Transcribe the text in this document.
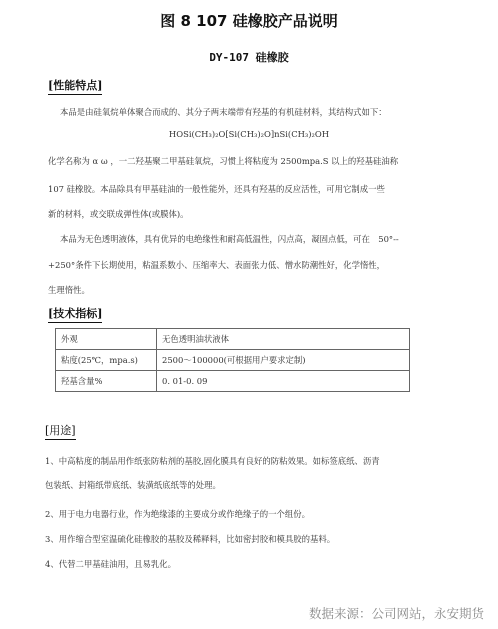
图 8 107 硅橡胶产品说明
DY-107 硅橡胶
[性能特点]
本品是由硅氧烷单体聚合而成的、其分子两末端带有羟基的有机硅材料，其结构式如下：
HOSi(CH₃)₂O[Si(CH₃)₂O]nSi(CH₃)₂OH
化学名称为 α ω ，一二羟基聚二甲基硅氧烷，习惯上将粘度为 2500mpa.S 以上的羟基硅油称
107 硅橡胶。本品除具有甲基硅油的一般性能外，还具有羟基的反应活性，可用它制成一些
新的材料，或交联成弹性体(或膜体)。
本品为无色透明液体，具有优异的电绝缘性和耐高低温性，闪点高，凝固点低，可在　50°--
+250°条件下长期使用，粘温系数小、压缩率大、表面张力低、憎水防潮性好，化学惰性，
生理惰性。
[技术指标]
外观	无色透明油状液体
粘度(25℃，mpa.s)	2500～100000(可根据用户要求定制)
羟基含量%	0. 01-0. 09
[用途]
1、中高粘度的制品用作纸张防粘剂的基胶,固化膜具有良好的防粘效果。如标签底纸、沥青
包装纸、封箱纸带底纸、装潢纸底纸等的处理。
2、用于电力电器行业，作为绝缘漆的主要成分或作绝缘子的一个组份。
3、用作缩合型室温硫化硅橡胶的基胶及稀释料，比如密封胶和模具胶的基料。
4、代替二甲基硅油用，且易乳化。
数据来源：公司网站，永安期货
